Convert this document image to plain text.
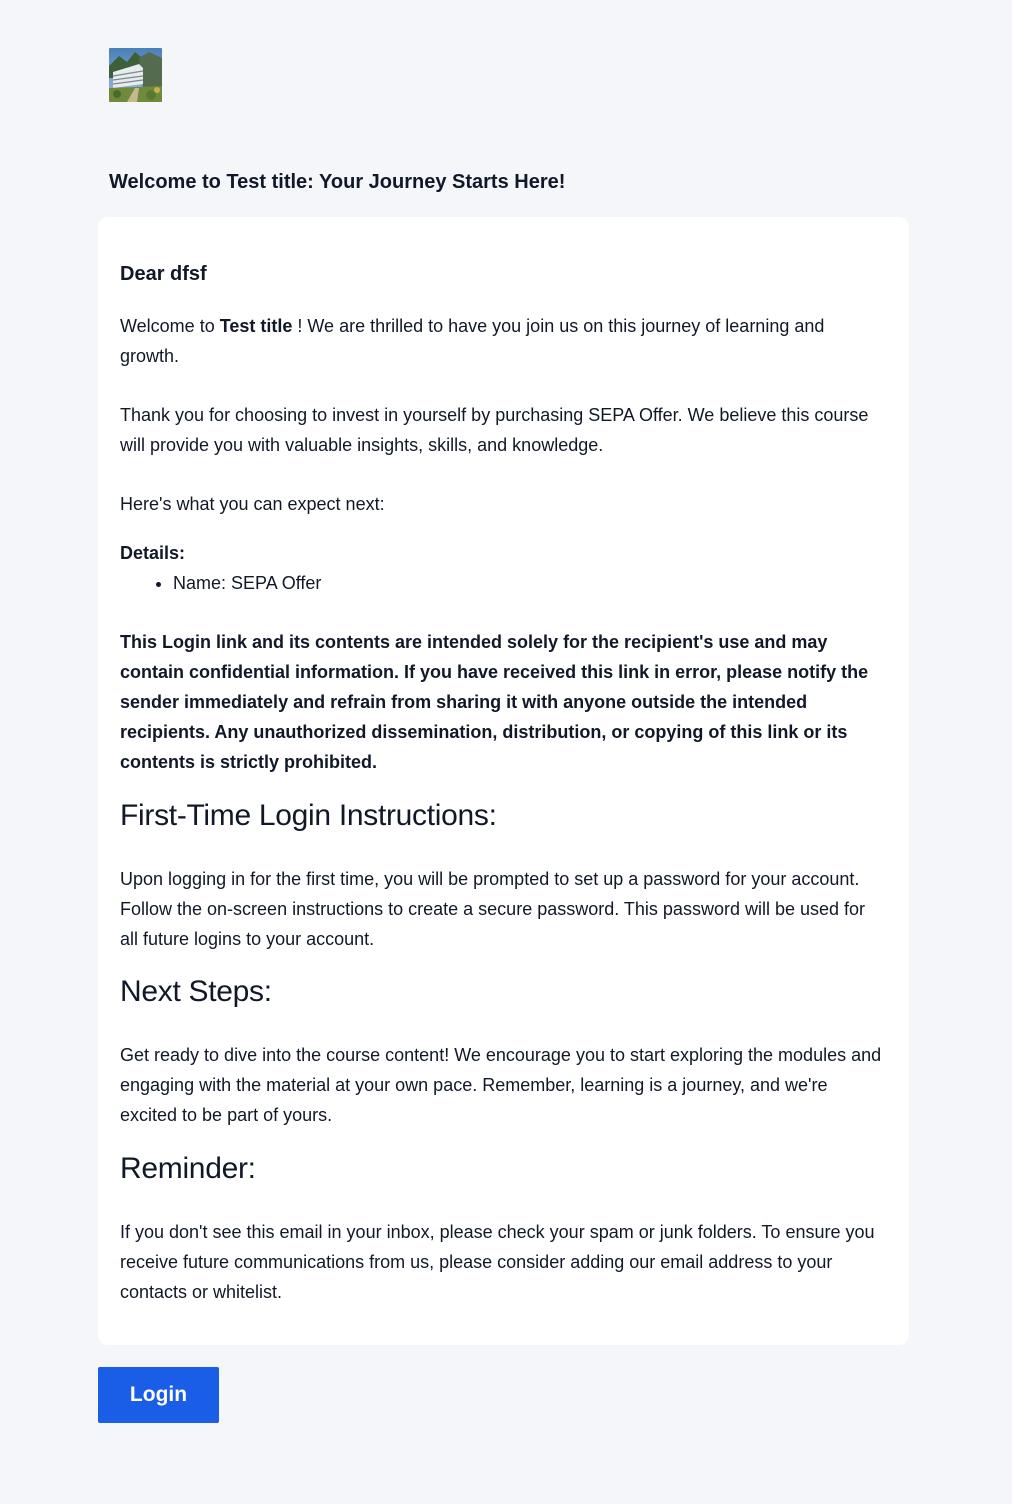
Welcome to Test title: Your Journey Starts Here!

Dear dfsf

Welcome to Test title ! We are thrilled to have you join us on this journey of learning and growth.

Thank you for choosing to invest in yourself by purchasing SEPA Offer. We believe this course will provide you with valuable insights, skills, and knowledge.

Here's what you can expect next:

Details:

• Name: SEPA Offer

This Login link and its contents are intended solely for the recipient's use and may contain confidential information. If you have received this link in error, please notify the sender immediately and refrain from sharing it with anyone outside the intended recipients. Any unauthorized dissemination, distribution, or copying of this link or its contents is strictly prohibited.

First-Time Login Instructions:

Upon logging in for the first time, you will be prompted to set up a password for your account. Follow the on-screen instructions to create a secure password. This password will be used for all future logins to your account.

Next Steps:

Get ready to dive into the course content! We encourage you to start exploring the modules and engaging with the material at your own pace. Remember, learning is a journey, and we're excited to be part of yours.

Reminder:

If you don't see this email in your inbox, please check your spam or junk folders. To ensure you receive future communications from us, please consider adding our email address to your contacts or whitelist.

Login
